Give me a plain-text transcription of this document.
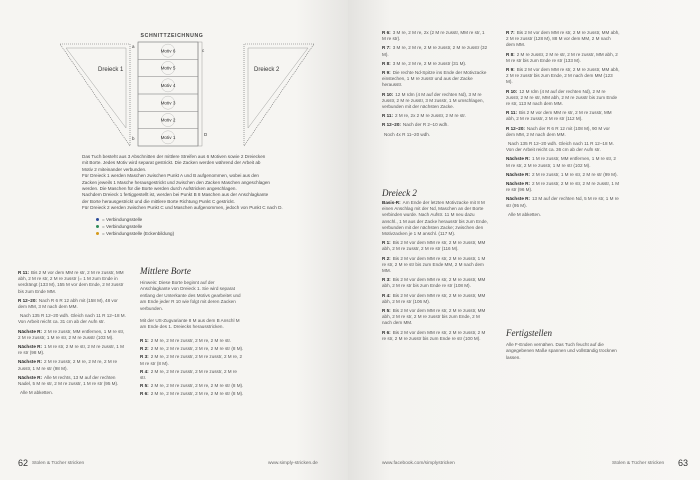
SCHNITTZEICHNUNG
Dreieck 1	Dreieck 2
Motiv 6
Motiv 5
Motiv 4
Motiv 3
Motiv 2
Motiv 1
a
c
b
D
Das Tuch besteht aus 3 Abschnitten der mittlere Streifen aus 6 Motiven sowie 2 Dreiecken
mit Borte. Jedes Motiv wird separat gestrickt. Die Zacken werden während der Arbeit ab
Motiv 2 miteinander verbunden.
Für Dreieck 1 werden Maschen zwischen Punkt A und B aufgenommen, wobei aus den
Zacken jeweils 1 Masche herausgestrickt und zwischen den Zacken Maschen angeschlagen
werden. Die Maschen für die Borte werden durch Aufstricken angeschlagen.
Nachdem Dreieck 1 fertiggestellt ist, werden bei Punkt B 8 Maschen aus der Anschlagkante
der Borte herausgestrickt und die mittlere Borte Richtung Punkt C gestrickt.
Für Dreieck 2 werden zwischen Punkt C und Maschen aufgenommen, jedoch von Punkt C nach D.
= Verbindungsstelle
= Verbindungsstelle
= Verbindungsstelle (Eckenbildung)
R 11: Bis 2 M vor dem MM re str, 2 M re zusstr, MM abh, 2 M re str, 2 M re zusstr (= 1 M zum Ende in verdrängt (133 M), 155 M vor dem Ende, 2 M zusstr bis zum Ende MM.
R 12–20: Nach R 6 R 12 abh mit (158 M), 48 vor dem MM, 3 M nach dem MM.
Nach 135 R 12–20 wdh. Gleich nach 11 R 12–18 M. Von Arbeit reicht ca. 31 cm ab der Aufn str.
Nächste R: 2 M re zusstr, MM entfernen, 1 M re str, 2 M re zusstr, 1 M re str, 2 M re zusstr (103 M).
Nächste R: 1 M re str, 2 M re str, 2 M re zusstr, 1 M re str (98 M).
Nächste R: 2 M re zusstr, 2 M re, 2 M re, 2 M re zusstr, 1 M re str (98 M).
Nächste R: Alle M rechts, 13 M auf der rechten Nadel, 5 M re str, 2 M re zusstr, 1 M re str (95 M).
Alle M abketten.
Mittlere Borte
Hinweis: Diese Borte beginnt auf der Anschlagkante von Dreieck 1. Sie wird separat entlang der Unterkante des Motivs gearbeitet und am Ende jeder R 10 wie folgt mit deren Zacken verbunden.
Mit der US-Zugvariante 8 M aus dem B Anschl M am Ende des 1. Dreiecks herausstricken.
R 1: 2 M re, 2 M re zusstr, 2 M re, 2 M re str.
R 2: 2 M re, 2 M re zusstr, 2 M re, 2 M re str (8 M).
R 3: 2 M re, 2 M re zusstr, 2 M re zusstr, 2 M re, 2 M re str (8 M).
R 4: 2 M re, 2 M re zusstr, 2 M re zusstr, 2 M re str.
R 5: 2 M re, 2 M re zusstr, 2 M re, 2 M re str (8 M).
R 6: 2 M re, 2 M re zusstr, 2 M re, 2 M re str (8 M).
62 Stolen & Tücher stricken	www.simply-stricken.de
R 6: 3 M re, 2 M re, 2x (2 M re zusstr, MM re str, 1 M re str).
R 7: 3 M re, 2 M re, 2 M re zusstr, 2 M re zusstr (32 M).
R 8: 3 M re, 2 M re, 2 M re zusstr (31 M).
R 9: Die rechte Nd-Spitze ins Ende der Motivzacke einstechen, 1 M re zusstr und aus der Zacke herausstr.
R 10: 12 M rdm (4 M auf der rechten Nd), 3 M re zusstr, 2 M re zusstr, 3 M zusstr, 1 M umschlagen, verbunden mit der nächsten Zacke.
R 11: 2 M re, 2x 2 M re zusstr, 2 M re str.
R 12–20: Nach der R 2–10 wdh.
Noch 4x R 11–20 wdh.
Dreieck 2
Basis-R: Am Ende der letzten Motivzacke mit 8 M einen Anschlag mit der Nd, Maschen an der Borte verbinden wurde. Nach Aufstr. 11 M neu dazu anschl., 1 M aus der Zacke herausstr bis zum Ende, verbunden mit der nächsten Zacke; zwischen den Motivzacken je 1 M anschl. (117 M).
R 1: Bis 2 M vor dem MM re str, 2 M re zusstr, MM abh, 2 M re zusstr, 2 M re str (116 M).
R 2: Bis 2 M vor dem MM re str, 2 M re zusstr, 1 M re str, 2 M re str bis zum Ende MM, 2 M nach dem MM.
R 3: Bis 2 M vor dem MM re str, 2 M re zusstr, MM abh, 2 M re str bis zum Ende re str (108 M).
R 4: Bis 2 M vor dem MM re str, 2 M re zusstr, MM abh, 2 M re str (106 M).
R 5: Bis 2 M vor dem MM re str, 2 M re zusstr, MM abh, 2 M re str, 2 M re zusstr bis zum Ende, 2 M nach dem MM.
R 6: Bis 2 M vor dem MM re str, 2 M re zusstr, 2 M re str, 2 M re zusstr bis zum Ende re str (100 M).
R 7: Bis 2 M vor dem MM re str, 2 M re zusstr, MM abh, 2 M re zusstr (128 M), 88 M vor dem MM, 2 M nach dem MM.
R 8: 2 M re zusstr, 2 M re str, 2 M re zusstr, MM abh, 2 M re str bis zum Ende re str (133 M).
R 9: Bis 2 M vor dem MM re str, 2 M re zusstr, MM abh, 2 M re zusstr bis zum Ende, 2 M nach dem MM (123 M).
R 10: 12 M rdm (4 M auf der rechten Nd), 2 M re zusstr, 2 M re str, MM abh, 2 M re zusstr bis zum Ende re str, 113 M nach dem MM.
R 11: Bis 2 M vor dem MM re str, 2 M re zusstr, MM abh, 2 M re zusstr, 2 M re str (112 M).
R 12–20: Nach der R 6 R 12 mit (108 M), 90 M vor dem MM, 2 M nach dem MM.
Nach 135 R 12–20 wdh. Gleich nach 11 R 12–18 M. Von der Arbeit reicht ca. 36 cm ab der Aufn str.
Nächste R: 1 M re zusstr, MM entfernen, 1 M re str, 2 M re str, 2 M re zusstr, 1 M re str (102 M).
Nächste R: 2 M re zusstr, 1 M re str, 2 M re str (99 M).
Nächste R: 2 M re zusstr, 2 M re str, 2 M re zusstr, 1 M re str (96 M).
Nächste R: 13 M auf der rechten Nd, 5 M re str, 1 M re str (95 M).
Alle M abketten.
Fertigstellen
Alle F-Enden vernähen. Das Tuch feucht auf die angegebenen Maße spannen und vollständig trocknen lassen.
www.facebook.com/simplystricken	Stolen & Tücher stricken 63
